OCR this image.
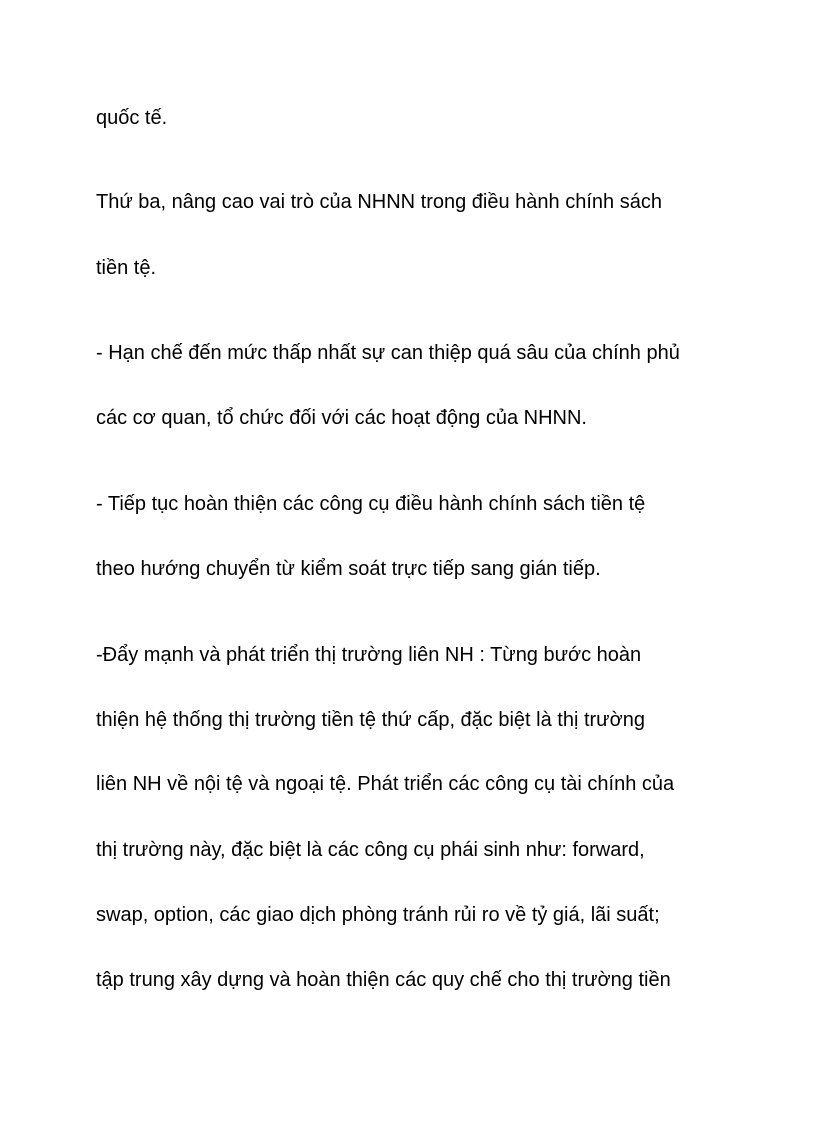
quốc tế.

Thứ ba, nâng cao vai trò của NHNN trong điều hành chính sách

tiền tệ.

- Hạn chế đến mức thấp nhất sự can thiệp quá sâu của chính phủ

các cơ quan, tổ chức đối với các hoạt động của NHNN.

- Tiếp tục hoàn thiện các công cụ điều hành chính sách tiền tệ

theo hướng chuyển từ kiểm soát trực tiếp sang gián tiếp.

-Đẩy mạnh và phát triển thị trường liên NH : Từng bước hoàn

thiện hệ thống thị trường tiền tệ thứ cấp, đặc biệt là thị trường

liên NH về nội tệ và ngoại tệ. Phát triển các công cụ tài chính của

thị trường này, đặc biệt là các công cụ phái sinh như: forward,

swap, option, các giao dịch phòng tránh rủi ro về tỷ giá, lãi suất;

tập trung xây dựng và hoàn thiện các quy chế cho thị trường tiền
